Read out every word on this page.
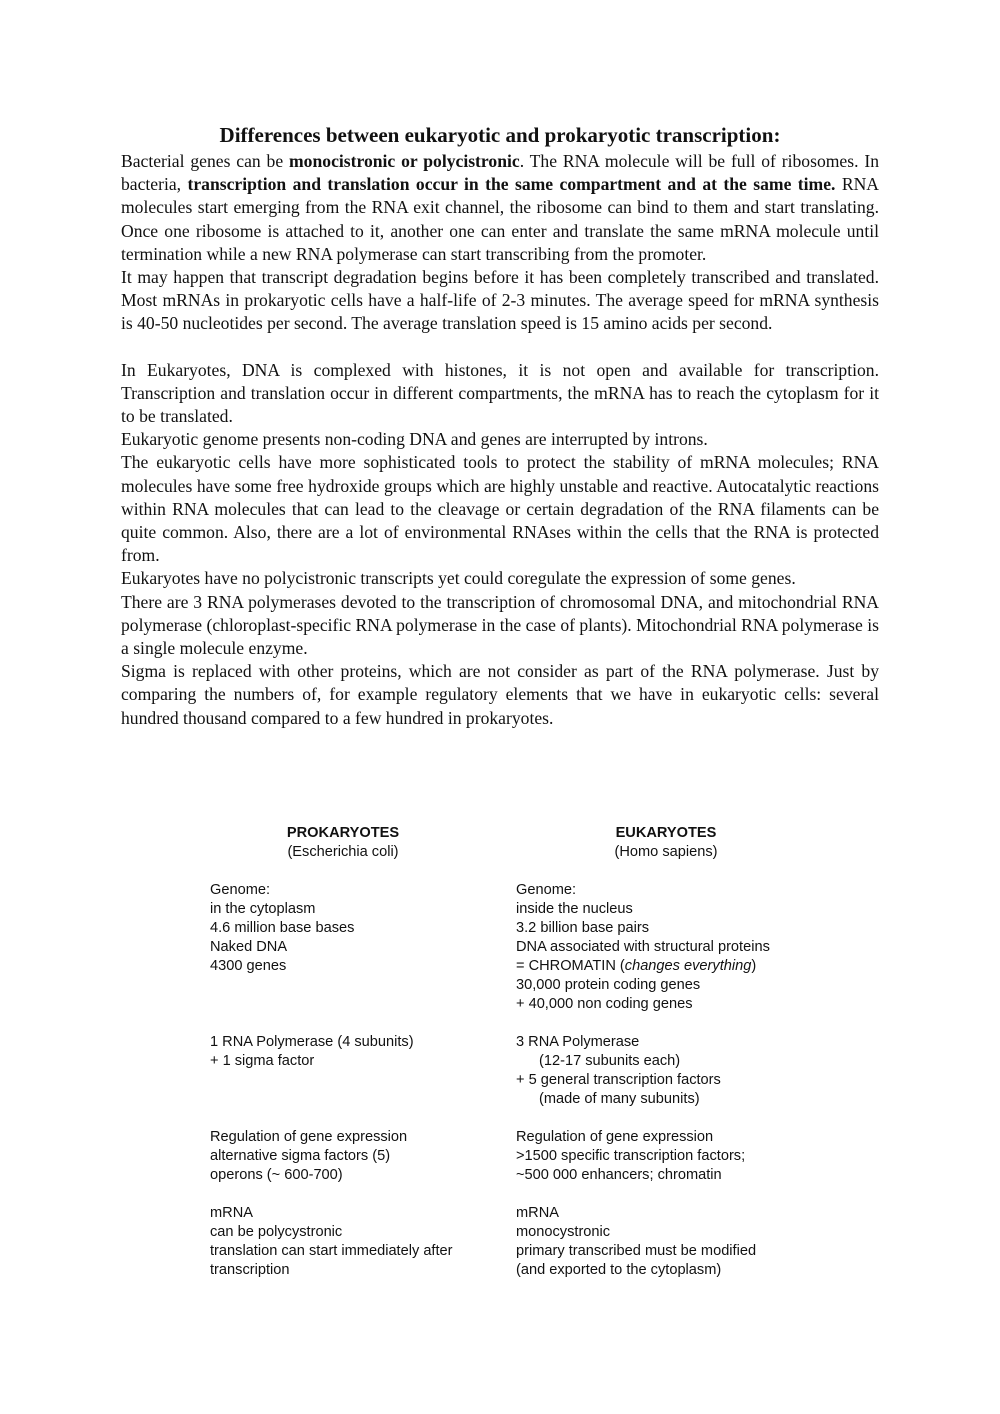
Differences between eukaryotic and prokaryotic transcription:

Bacterial genes can be monocistronic or polycistronic. The RNA molecule will be full of ribosomes. In bacteria, transcription and translation occur in the same compartment and at the same time. RNA molecules start emerging from the RNA exit channel, the ribosome can bind to them and start translating. Once one ribosome is attached to it, another one can enter and translate the same mRNA molecule until termination while a new RNA polymerase can start transcribing from the promoter.

It may happen that transcript degradation begins before it has been completely transcribed and translated. Most mRNAs in prokaryotic cells have a half-life of 2-3 minutes. The average speed for mRNA synthesis is 40-50 nucleotides per second. The average translation speed is 15 amino acids per second.

In Eukaryotes, DNA is complexed with histones, it is not open and available for transcription. Transcription and translation occur in different compartments, the mRNA has to reach the cytoplasm for it to be translated.

Eukaryotic genome presents non-coding DNA and genes are interrupted by introns.

The eukaryotic cells have more sophisticated tools to protect the stability of mRNA molecules; RNA molecules have some free hydroxide groups which are highly unstable and reactive. Autocatalytic reactions within RNA molecules that can lead to the cleavage or certain degradation of the RNA filaments can be quite common. Also, there are a lot of environmental RNAses within the cells that the RNA is protected from.

Eukaryotes have no polycistronic transcripts yet could coregulate the expression of some genes.

There are 3 RNA polymerases devoted to the transcription of chromosomal DNA, and mitochondrial RNA polymerase (chloroplast-specific RNA polymerase in the case of plants). Mitochondrial RNA polymerase is a single molecule enzyme.

Sigma is replaced with other proteins, which are not consider as part of the RNA polymerase. Just by comparing the numbers of, for example regulatory elements that we have in eukaryotic cells: several hundred thousand compared to a few hundred in prokaryotes.

PROKARYOTES
(Escherichia coli)
EUKARYOTES
(Homo sapiens)
Genome:
in the cytoplasm
4.6 million base bases
Naked DNA
4300 genes
Genome:
inside the nucleus
3.2 billion base pairs
DNA associated with structural proteins
= CHROMATIN (changes everything)
30,000 protein coding genes
+ 40,000 non coding genes
1 RNA Polymerase (4 subunits)
+ 1 sigma factor
3 RNA Polymerase
(12-17 subunits each)
+ 5 general transcription factors
(made of many subunits)
Regulation of gene expression
alternative sigma factors (5)
operons (~ 600-700)
Regulation of gene expression
>1500 specific transcription factors;
~500 000 enhancers; chromatin
mRNA
can be polycystronic
translation can start immediately after
transcription
mRNA
monocystronic
primary transcribed must be modified
(and exported to the cytoplasm)
